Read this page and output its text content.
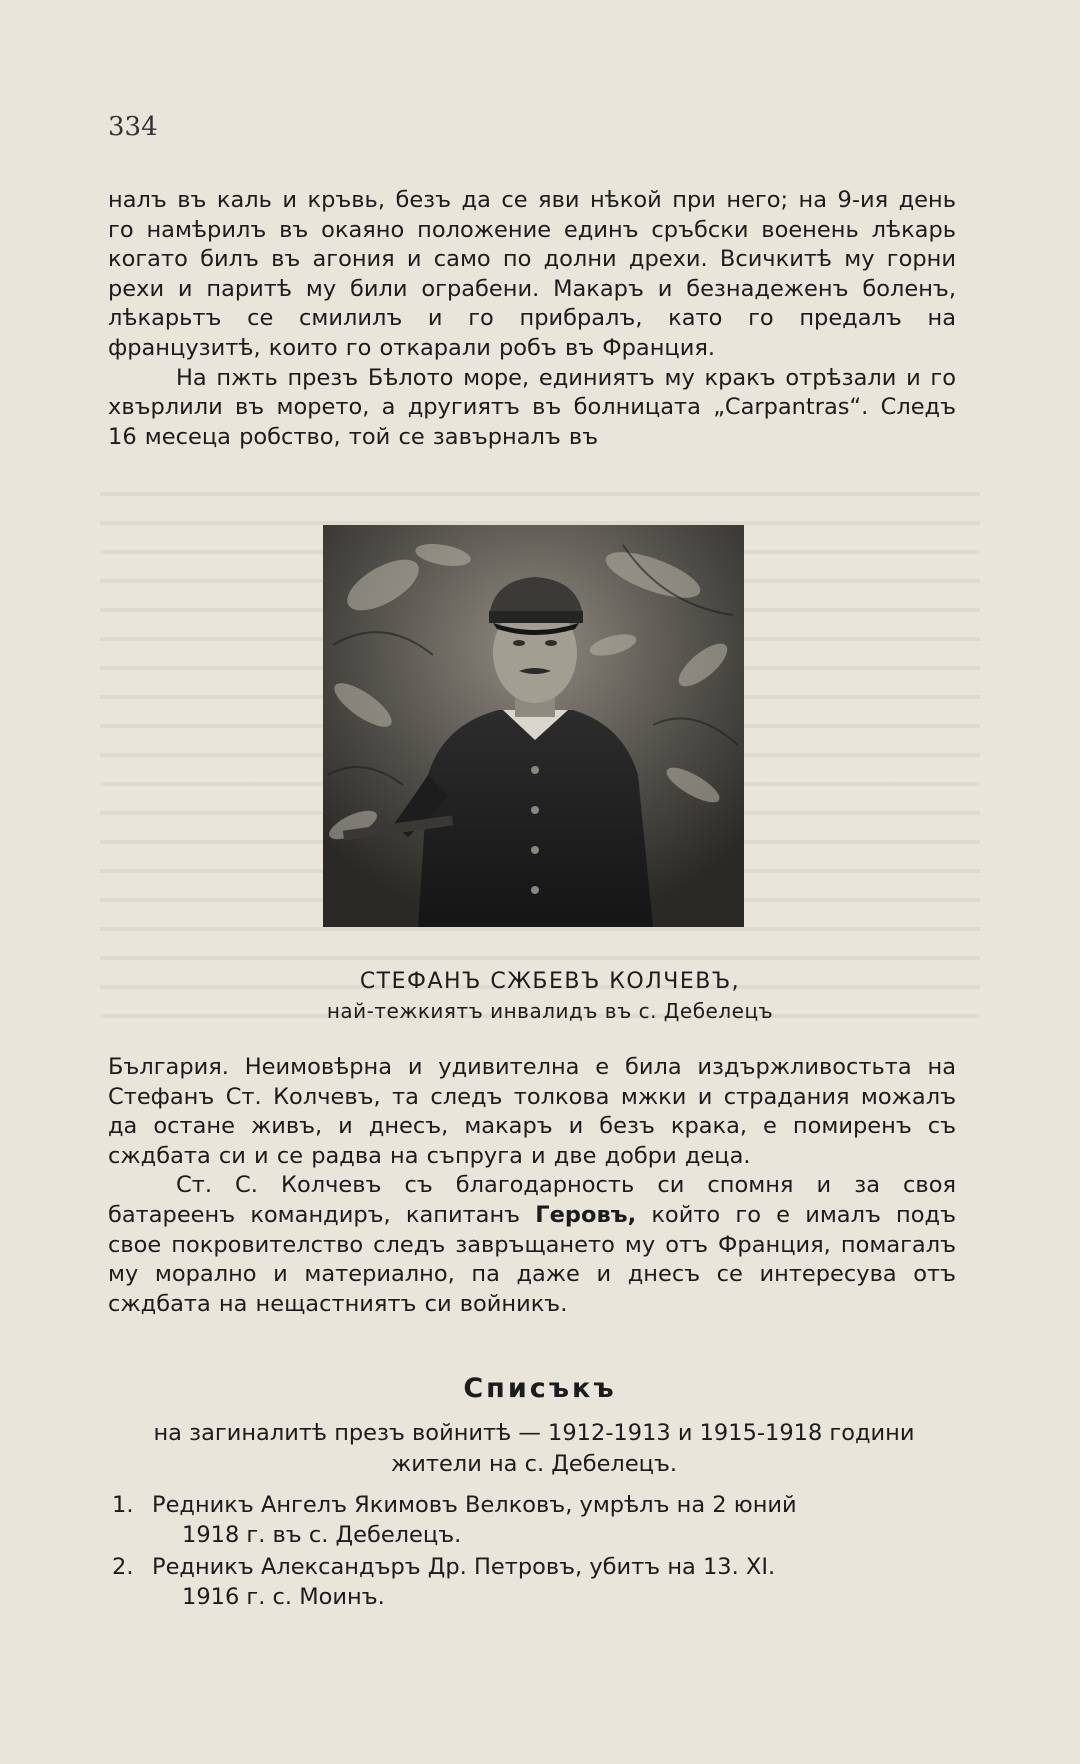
334

налъ въ каль и кръвь, безъ да се яви нѣкой при него; на 9-ия день го намѣрилъ въ окаяно положение единъ сръбски военень лѣкарь когато билъ въ агония и само по долни дрехи. Всичкитѣ му горни рехи и паритѣ му били ограбени. Макаръ и безнадеженъ боленъ, лѣкарьтъ се смилилъ и го прибралъ, като го предалъ на французитѣ, които го откарали робъ въ Франция.

На пжть презъ Бѣлото море, единиятъ му кракъ отрѣзали и го хвърлили въ морето, а другиятъ въ болницата „Carpantras“. Следъ 16 месеца робство, той се завърналъ въ

СТЕФАНЪ СЖБЕВЪ КОЛЧЕВЪ,
най-тежкиятъ инвалидъ въ с. Дебелецъ

България. Неимовѣрна и удивителна е била издържливостьта на Стефанъ Ст. Колчевъ, та следъ толкова мжки и страдания можалъ да остане живъ, и днесъ, макаръ и безъ крака, е помиренъ съ сждбата си и се радва на съпруга и две добри деца.

Ст. С. Колчевъ съ благодарность си спомня и за своя батареенъ командиръ, капитанъ Геровъ, който го е ималъ подъ свое покровителство следъ завръщането му отъ Франция, помагалъ му морално и материално, па даже и днесъ се интересува отъ сждбата на нещастниятъ си войникъ.

Списъкъ
на загиналитѣ презъ войнитѣ — 1912-1913 и 1915-1918 години
жители на с. Дебелецъ.
1. Редникъ Ангелъ Якимовъ Велковъ, умрѣлъ на 2 юний
1918 г. въ с. Дебелецъ.
2. Редникъ Александъръ Др. Петровъ, убитъ на 13. XI.
1916 г. с. Моинъ.
